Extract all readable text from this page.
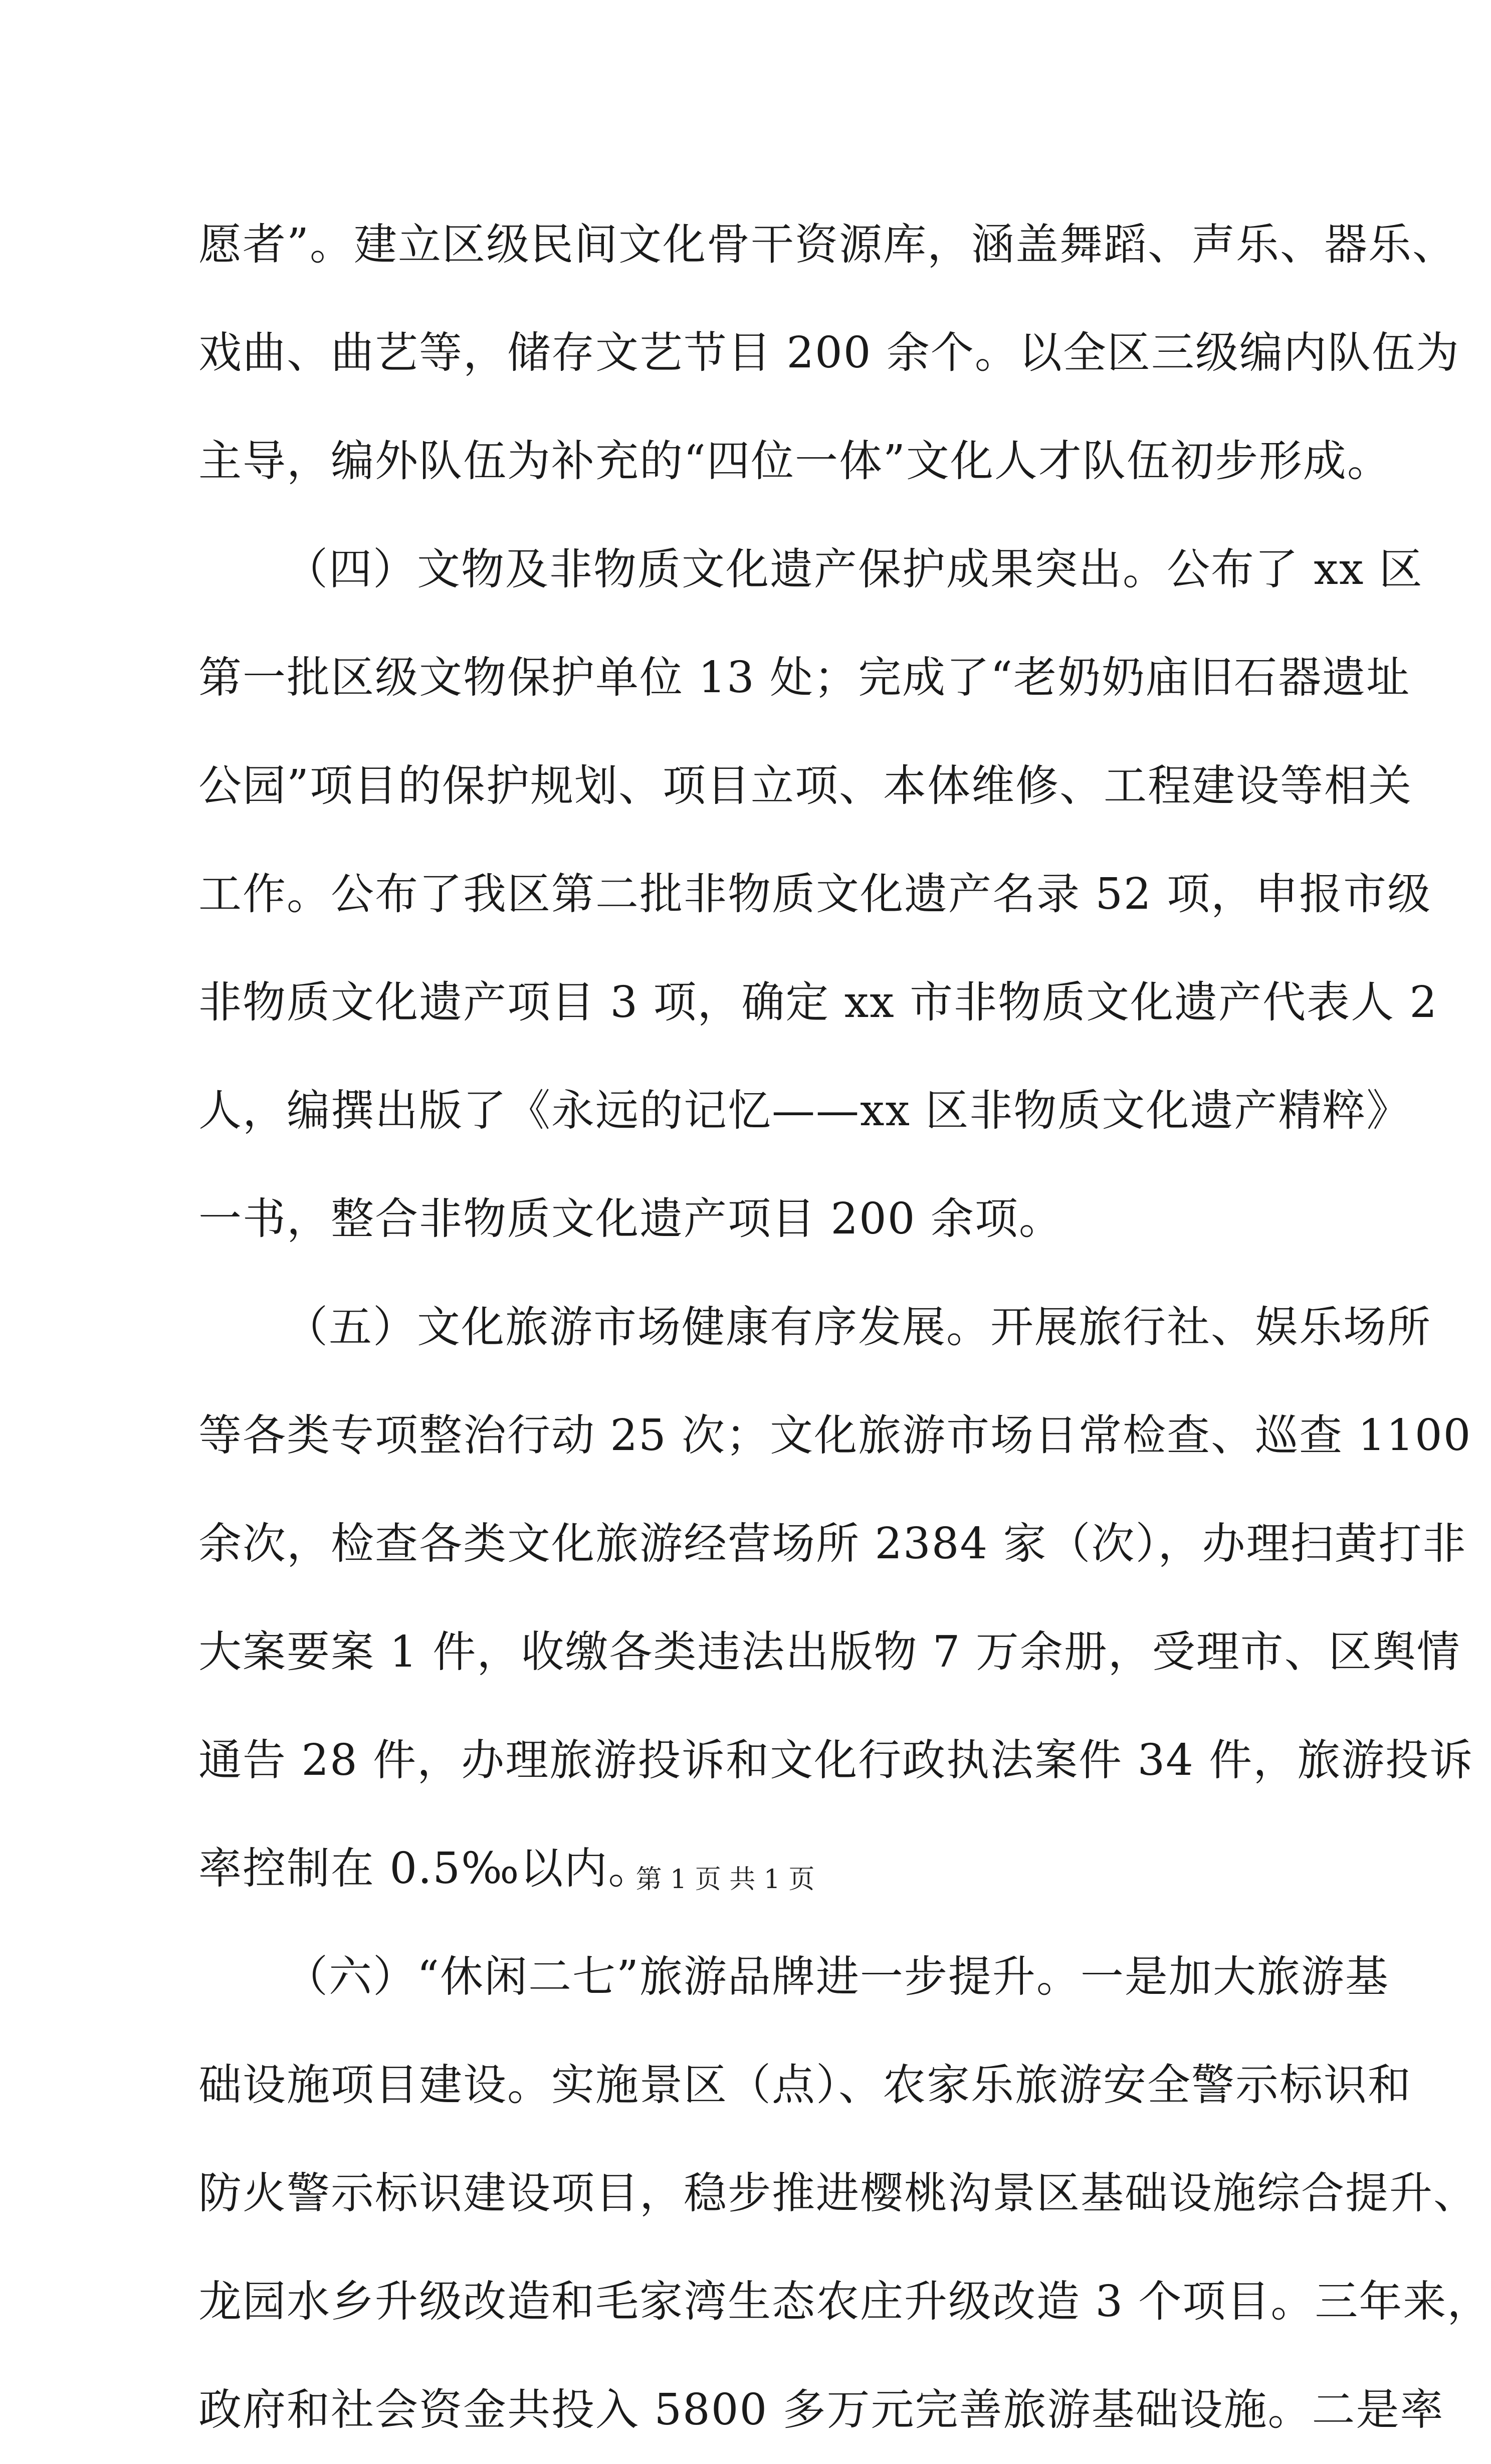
愿者”。建立区级民间文化骨干资源库，涵盖舞蹈、声乐、器乐、
戏曲、曲艺等，储存文艺节目 200 余个。以全区三级编内队伍为
主导，编外队伍为补充的“四位一体”文化人才队伍初步形成。
（四）文物及非物质文化遗产保护成果突出。公布了 xx 区
第一批区级文物保护单位 13 处；完成了“老奶奶庙旧石器遗址
公园”项目的保护规划、项目立项、本体维修、工程建设等相关
工作。公布了我区第二批非物质文化遗产名录 52 项，申报市级
非物质文化遗产项目 3 项，确定 xx 市非物质文化遗产代表人 2
人，编撰出版了《永远的记忆——xx 区非物质文化遗产精粹》
一书，整合非物质文化遗产项目 200 余项。
（五）文化旅游市场健康有序发展。开展旅行社、娱乐场所
等各类专项整治行动 25 次；文化旅游市场日常检查、巡查 1100
余次，检查各类文化旅游经营场所 2384 家（次），办理扫黄打非
大案要案 1 件，收缴各类违法出版物 7 万余册，受理市、区舆情
通告 28 件，办理旅游投诉和文化行政执法案件 34 件，旅游投诉
率控制在 0.5‰以内。
（六）“休闲二七”旅游品牌进一步提升。一是加大旅游基
础设施项目建设。实施景区（点）、农家乐旅游安全警示标识和
防火警示标识建设项目，稳步推进樱桃沟景区基础设施综合提升、
龙园水乡升级改造和毛家湾生态农庄升级改造 3 个项目。三年来，
政府和社会资金共投入 5800 多万元完善旅游基础设施。二是率
第 1 页 共 1 页
